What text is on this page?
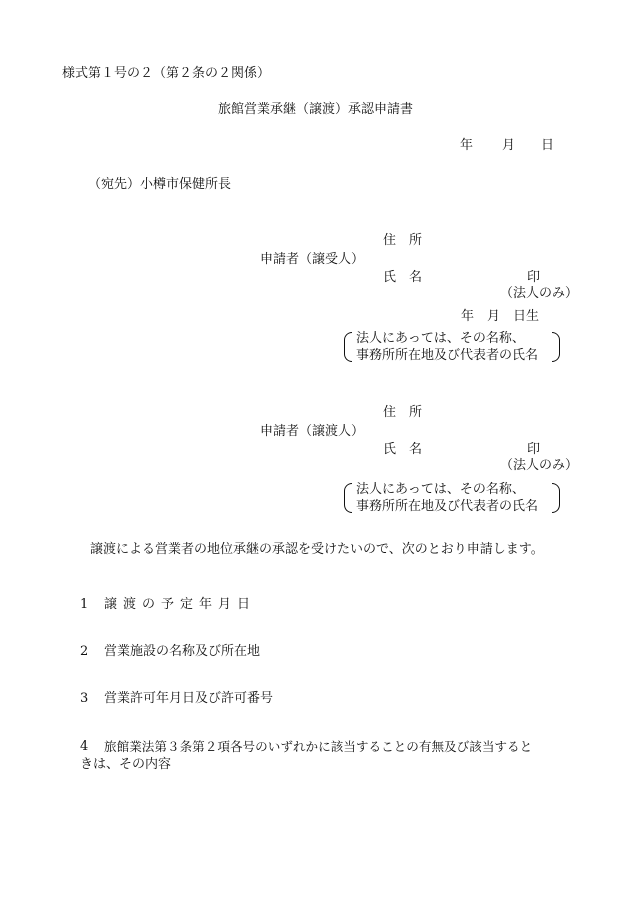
様式第１号の２（第２条の２関係）
旅館営業承継（譲渡）承認申請書
年 月 日
（宛先）小樽市保健所長
住　所
申請者（譲受人）
氏　名	印
（法人のみ）
年　月　日生
法人にあっては、その名称、
事務所所在地及び代表者の氏名
住　所
申請者（譲渡人）
氏　名	印
（法人のみ）
法人にあっては、その名称、
事務所所在地及び代表者の氏名
譲渡による営業者の地位承継の承認を受けたいので、次のとおり申請します。
1 譲渡の予定年月日
2 営業施設の名称及び所在地
3 営業許可年月日及び許可番号
4 旅館業法第３条第２項各号のいずれかに該当することの有無及び該当すると
きは、その内容
